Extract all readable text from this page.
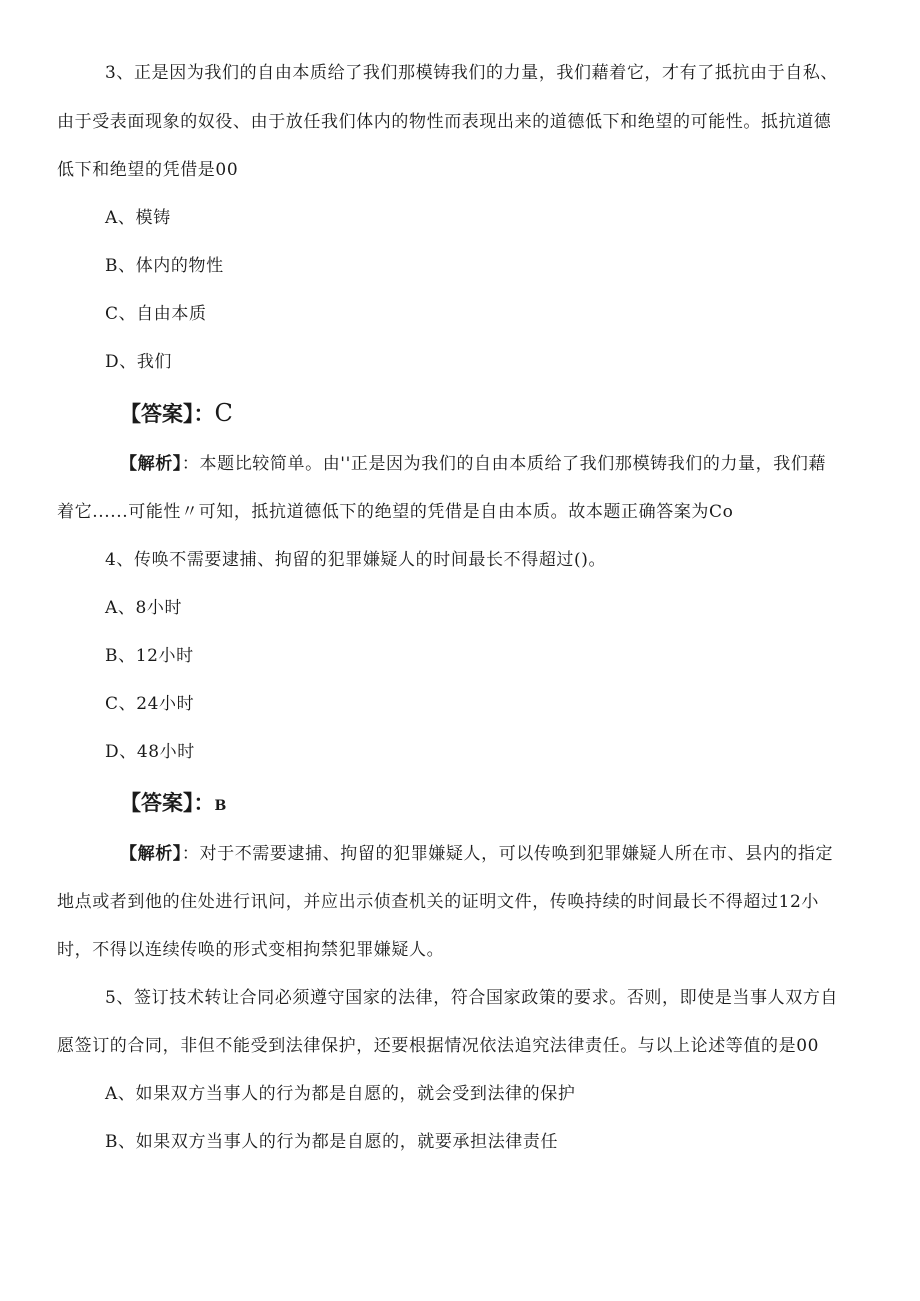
3、正是因为我们的自由本质给了我们那模铸我们的力量，我们藉着它，才有了抵抗由于自私、
由于受表面现象的奴役、由于放任我们体内的物性而表现出来的道德低下和绝望的可能性。抵抗道德
低下和绝望的凭借是00
A、模铸
B、体内的物性
C、自由本质
D、我们
【答案】：C
【解析】：本题比较简单。由''正是因为我们的自由本质给了我们那模铸我们的力量，我们藉
着它......可能性〃可知，抵抗道德低下的绝望的凭借是自由本质。故本题正确答案为Co
4、传唤不需要逮捕、拘留的犯罪嫌疑人的时间最长不得超过()。
A、8小时
B、12小时
C、24小时
D、48小时
【答案】：B
【解析】：对于不需要逮捕、拘留的犯罪嫌疑人，可以传唤到犯罪嫌疑人所在市、县内的指定
地点或者到他的住处进行讯问，并应出示侦查机关的证明文件，传唤持续的时间最长不得超过12小
时，不得以连续传唤的形式变相拘禁犯罪嫌疑人。
5、签订技术转让合同必须遵守国家的法律，符合国家政策的要求。否则，即使是当事人双方自
愿签订的合同，非但不能受到法律保护，还要根据情况依法追究法律责任。与以上论述等值的是00
A、如果双方当事人的行为都是自愿的，就会受到法律的保护
B、如果双方当事人的行为都是自愿的，就要承担法律责任
